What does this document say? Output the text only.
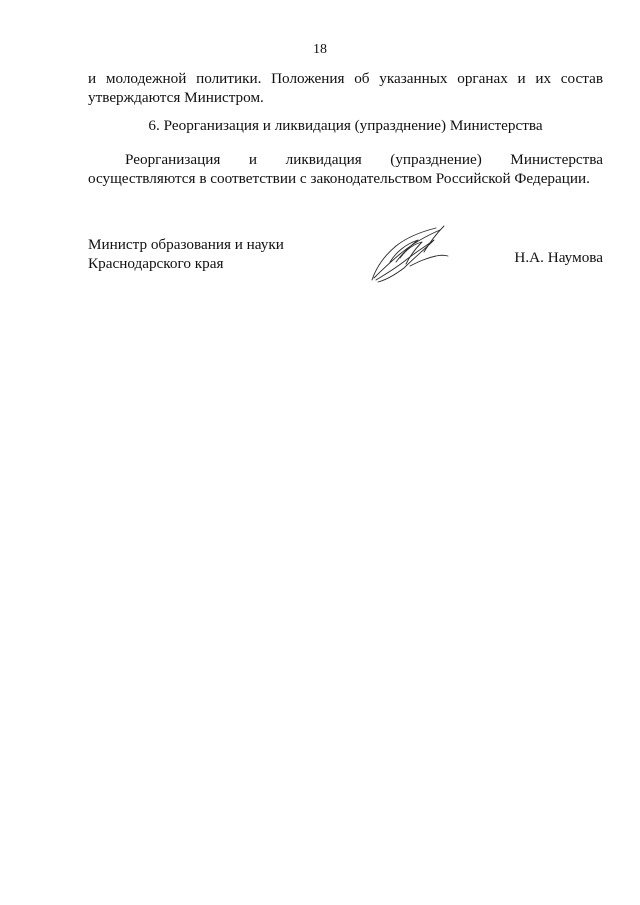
18

и молодежной политики. Положения об указанных органах и их состав
утверждаются Министром.

6. Реорганизация и ликвидация (упразднение) Министерства

Реорганизация и ликвидация (упразднение) Министерства
осуществляются в соответствии с законодательством Российской Федерации.

Министр образования и науки
Краснодарского края	Н.А. Наумова
